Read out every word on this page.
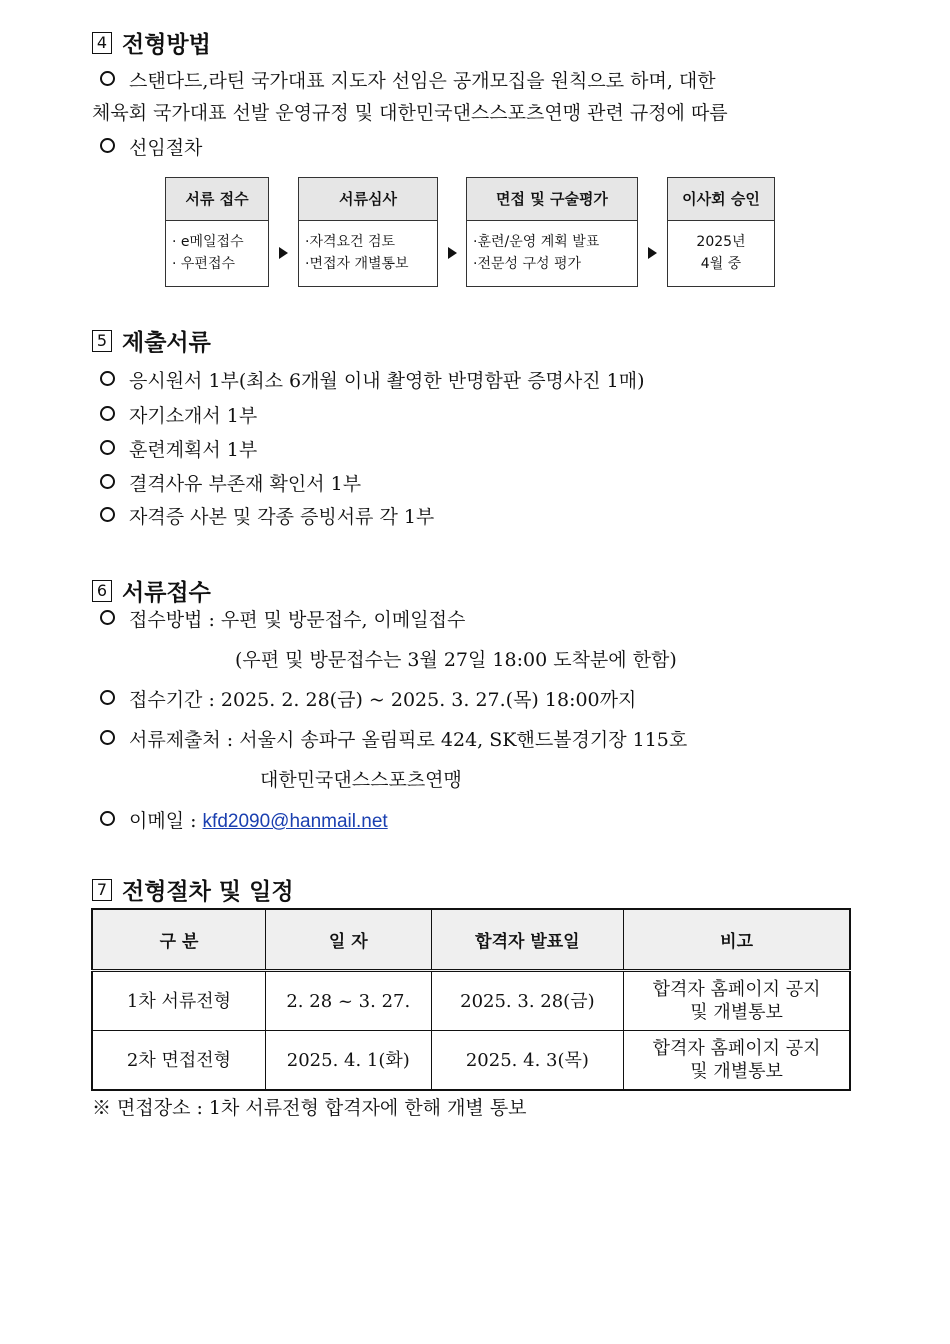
4 전형방법
스탠다드,라틴 국가대표 지도자 선임은 공개모집을 원칙으로 하며, 대한
체육회 국가대표 선발 운영규정 및 대한민국댄스스포츠연맹 관련 규정에 따름
선임절차
서류 접수
· e메일접수
· 우편접수
서류심사
·자격요건 검토
·면접자 개별통보
면접 및 구술평가
·훈련/운영 계획 발표
·전문성 구성 평가
이사회 승인
2025년
4월 중
5 제출서류
응시원서 1부(최소 6개월 이내 촬영한 반명함판 증명사진 1매)
자기소개서 1부
훈련계획서 1부
결격사유 부존재 확인서 1부
자격증 사본 및 각종 증빙서류 각 1부
6 서류접수
접수방법 : 우편 및 방문접수, 이메일접수
(우편 및 방문접수는 3월 27일 18:00 도착분에 한함)
접수기간 : 2025. 2. 28(금) ~ 2025. 3. 27.(목) 18:00까지
서류제출처 : 서울시 송파구 올림픽로 424, SK핸드볼경기장 115호
대한민국댄스스포츠연맹
이메일 : kfd2090@hanmail.net
7 전형절차 및 일정
구 분	일 자	합격자 발표일	비고
1차 서류전형	2. 28 ~ 3. 27.	2025. 3. 28(금)	합격자 홈페이지 공지
및 개별통보

2차 면접전형	2025. 4. 1(화)	2025. 4. 3(목)	합격자 홈페이지 공지
및 개별통보
※ 면접장소 : 1차 서류전형 합격자에 한해 개별 통보
